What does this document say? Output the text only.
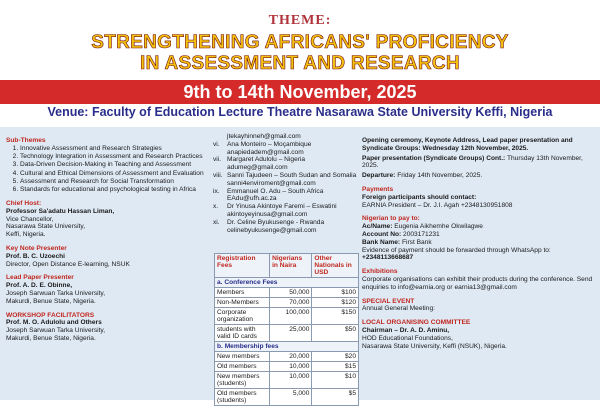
THEME:
STRENGTHENING AFRICANS' PROFICIENCY
IN ASSESSMENT AND RESEARCH
9th to 14th November, 2025
Venue: Faculty of Education Lecture Theatre Nasarawa State University Keffi, Nigeria
Sub-Themes
1. Innovative Assessment and Research Strategies
2. Technology Integration in Assessment and Research Practices
3. Data-Driven Decision-Making in Teaching and Assessment
4. Cultural and Ethical Dimensions of Assessment and Evaluation
5. Assessment and Research for Social Transformation
6. Standards for educational and psychological testing in Africa
Chief Host:
Professor Sa'adatu Hassan Liman,
Vice Chancellor,
Nasarawa State University,
Keffi, Nigeria.
Key Note Presenter
Prof. B. C. Uzoechi
Director, Open Distance E-learning, NSUK
Lead Paper Presenter
Prof. A. D. E. Obinne,
Joseph Sarwuan Tarka University,
Makurdi, Benue State, Nigeria.
WORKSHOP FACILITATORS
Prof. M. O. Adulolu and Others
Joseph Sarwuan Tarka University,
Makurdi, Benue State, Nigeria.
jtekayhinneh@gmail.com
vi.	Ana Monteiro – Moçambique anapiedadem@gmail.com
vii. Margaret Adulolu – Nigeria adumeg@gmail.com
viii. Sanni Tajudeen – South Sudan and Somalia sanni4enviroment@gmail.com
ix.	Emmanuel O. Adu – South Africa EAdu@ufh.ac.za
x.	Dr Yinusa Akintoye Faremi – Eswatini akintoyeyinusa@gmail.com
xi.	Dr. Celine Byukusenge - Rwanda celinebyukusenge@gmail.com
Registration Fees	Nigerians in Naira	Other Nationals in USD
a. Conference Fees		
Members	50,000	$100
Non-Members	70,000	$120
Corporate organization	100,000	$150
students with valid ID cards	25,000	$50
b. Membership fees		
New members	20,000	$20
Old members	10,000	$15
New members (students)	10,000	$10
Old members (students)	5,000	$5
Opening ceremony, Keynote Address, Lead paper presentation and Syndicate Groups: Wednesday 12th November, 2025.
Paper presentation (Syndicate Groups) Cont.: Thursday 13th November, 2025.
Departure: Friday 14th November, 2025.
Payments
Foreign participants should contact:
EARNIA President – Dr. J.I. Agah +2348130951808
Nigerian to pay to:
Ac/Name: Eugenia Aikhemhe Okwilagwe
Account No: 2003171231
Bank Name: First Bank
Evidence of payment should be forwarded through WhatsApp to: +2348113668687
Exhibitions
Corporate organisations can exhibit their products during the conference. Send enquiries to info@earnia.org or earnia13@gmail.com
SPECIAL EVENT
Annual General Meeting:
LOCAL ORGANISING COMMITTEE
Chairman – Dr. A. D. Aminu,
HOD Educational Foundations,
Nasarawa State University, Keffi (NSUK), Nigeria.
